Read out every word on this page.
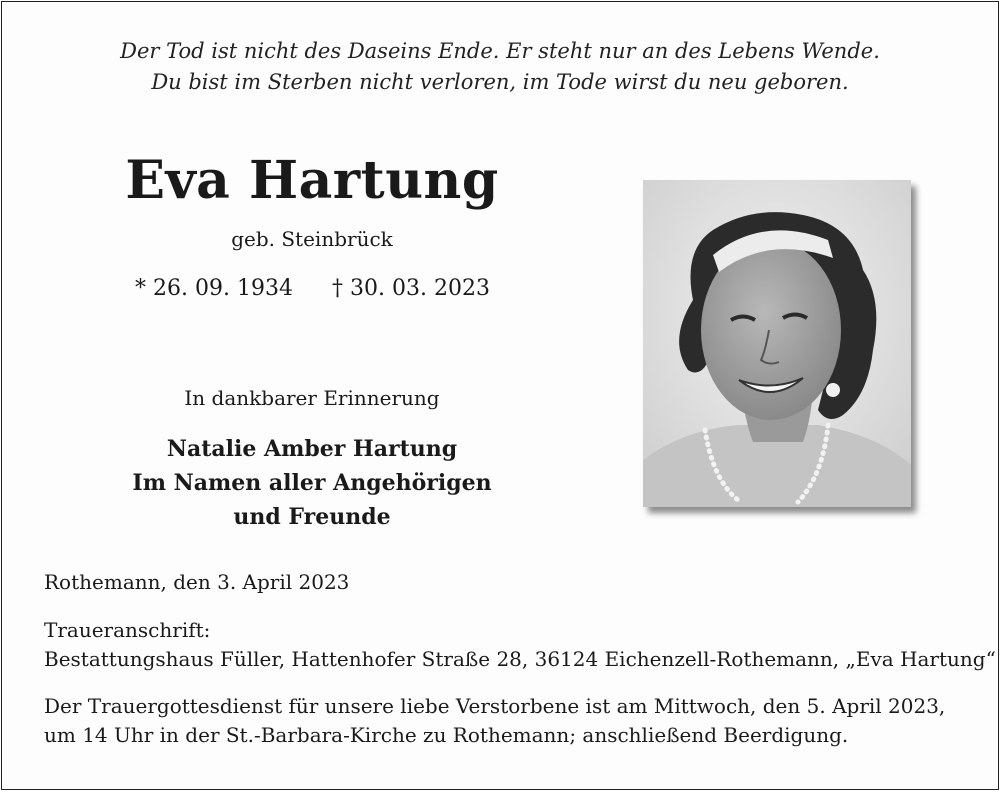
Der Tod ist nicht des Daseins Ende. Er steht nur an des Lebens Wende.
Du bist im Sterben nicht verloren, im Tode wirst du neu geboren.
Eva Hartung
geb. Steinbrück
* 26. 09. 1934 † 30. 03. 2023
In dankbarer Erinnerung
Natalie Amber Hartung
Im Namen aller Angehörigen
und Freunde
Rothemann, den 3. April 2023
Traueranschrift:
Bestattungshaus Füller, Hattenhofer Straße 28, 36124 Eichenzell-Rothemann, „Eva Hartung“
Der Trauergottesdienst für unsere liebe Verstorbene ist am Mittwoch, den 5. April 2023,
um 14 Uhr in der St.-Barbara-Kirche zu Rothemann; anschließend Beerdigung.
